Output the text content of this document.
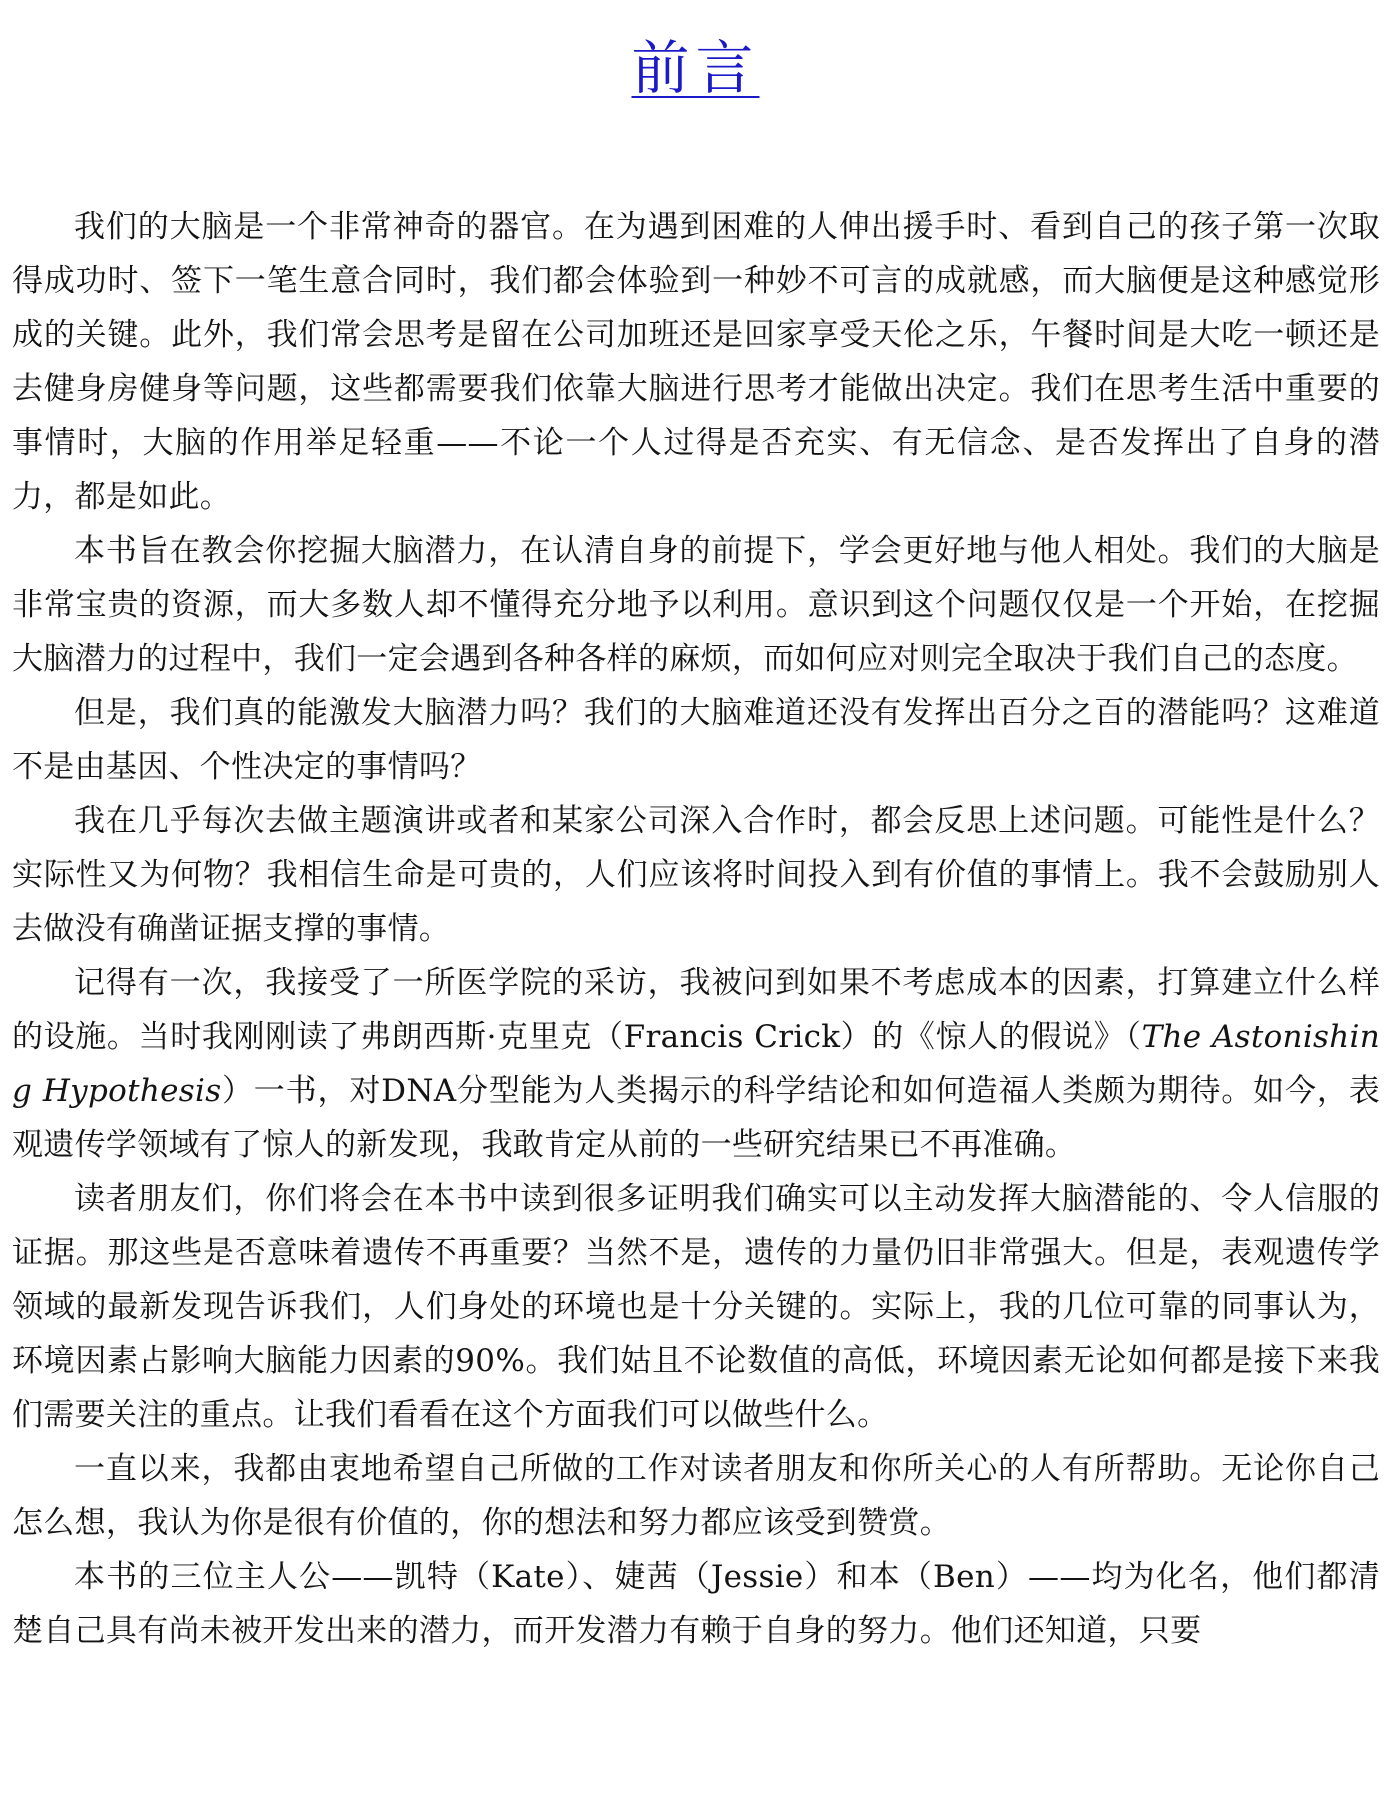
前言

我们的大脑是一个非常神奇的器官。在为遇到困难的人伸出援手时、看到自己的孩子第一次取得成功时、签下一笔生意合同时，我们都会体验到一种妙不可言的成就感，而大脑便是这种感觉形成的关键。此外，我们常会思考是留在公司加班还是回家享受天伦之乐，午餐时间是大吃一顿还是去健身房健身等问题，这些都需要我们依靠大脑进行思考才能做出决定。我们在思考生活中重要的事情时，大脑的作用举足轻重——不论一个人过得是否充实、有无信念、是否发挥出了自身的潜力，都是如此。

本书旨在教会你挖掘大脑潜力，在认清自身的前提下，学会更好地与他人相处。我们的大脑是非常宝贵的资源，而大多数人却不懂得充分地予以利用。意识到这个问题仅仅是一个开始，在挖掘大脑潜力的过程中，我们一定会遇到各种各样的麻烦，而如何应对则完全取决于我们自己的态度。

但是，我们真的能激发大脑潜力吗？我们的大脑难道还没有发挥出百分之百的潜能吗？这难道不是由基因、个性决定的事情吗？

我在几乎每次去做主题演讲或者和某家公司深入合作时，都会反思上述问题。可能性是什么？实际性又为何物？我相信生命是可贵的，人们应该将时间投入到有价值的事情上。我不会鼓励别人去做没有确凿证据支撑的事情。

记得有一次，我接受了一所医学院的采访，我被问到如果不考虑成本的因素，打算建立什么样的设施。当时我刚刚读了弗朗西斯·克里克（Francis Crick）的《惊人的假说》（The Astonishing Hypothesis）一书，对DNA分型能为人类揭示的科学结论和如何造福人类颇为期待。如今，表观遗传学领域有了惊人的新发现，我敢肯定从前的一些研究结果已不再准确。

读者朋友们，你们将会在本书中读到很多证明我们确实可以主动发挥大脑潜能的、令人信服的证据。那这些是否意味着遗传不再重要？当然不是，遗传的力量仍旧非常强大。但是，表观遗传学领域的最新发现告诉我们，人们身处的环境也是十分关键的。实际上，我的几位可靠的同事认为，环境因素占影响大脑能力因素的90%。我们姑且不论数值的高低，环境因素无论如何都是接下来我们需要关注的重点。让我们看看在这个方面我们可以做些什么。

一直以来，我都由衷地希望自己所做的工作对读者朋友和你所关心的人有所帮助。无论你自己怎么想，我认为你是很有价值的，你的想法和努力都应该受到赞赏。

本书的三位主人公——凯特（Kate）、婕茜（Jessie）和本（Ben）——均为化名，他们都清楚自己具有尚未被开发出来的潜力，而开发潜力有赖于自身的努力。他们还知道，只要
